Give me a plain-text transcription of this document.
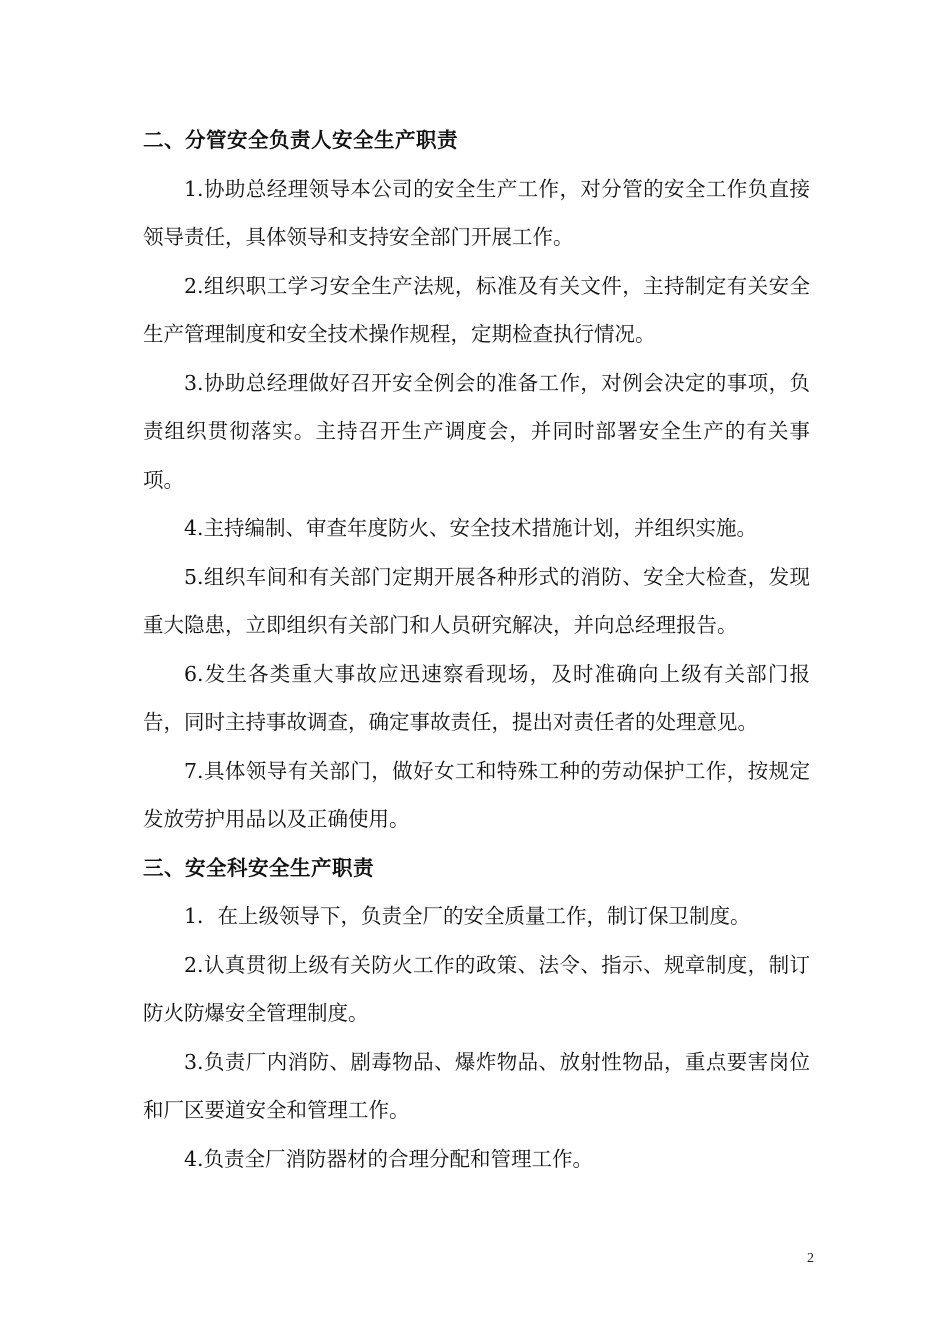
二、分管安全负责人安全生产职责

1.协助总经理领导本公司的安全生产工作，对分管的安全工作负直接领导责任，具体领导和支持安全部门开展工作。

2.组织职工学习安全生产法规，标准及有关文件，主持制定有关安全生产管理制度和安全技术操作规程，定期检查执行情况。

3.协助总经理做好召开安全例会的准备工作，对例会决定的事项，负责组织贯彻落实。主持召开生产调度会，并同时部署安全生产的有关事项。

4.主持编制、审查年度防火、安全技术措施计划，并组织实施。

5.组织车间和有关部门定期开展各种形式的消防、安全大检查，发现重大隐患，立即组织有关部门和人员研究解决，并向总经理报告。

6.发生各类重大事故应迅速察看现场，及时准确向上级有关部门报告，同时主持事故调查，确定事故责任，提出对责任者的处理意见。

7.具体领导有关部门，做好女工和特殊工种的劳动保护工作，按规定发放劳护用品以及正确使用。

三、安全科安全生产职责

1．在上级领导下，负责全厂的安全质量工作，制订保卫制度。

2.认真贯彻上级有关防火工作的政策、法令、指示、规章制度，制订防火防爆安全管理制度。

3.负责厂内消防、剧毒物品、爆炸物品、放射性物品，重点要害岗位和厂区要道安全和管理工作。

4.负责全厂消防器材的合理分配和管理工作。

2
